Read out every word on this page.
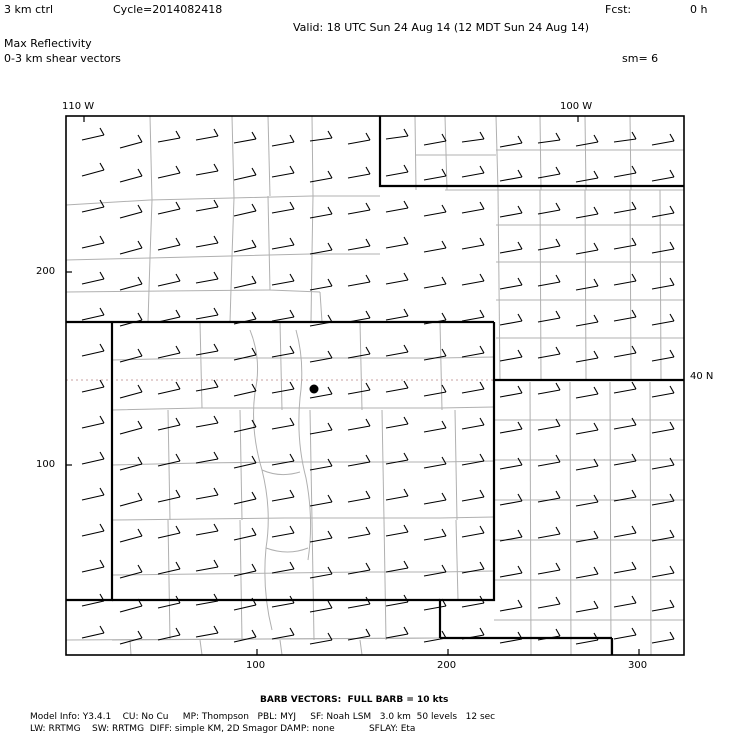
3 km ctrl	Cycle=2014082418	Fcst:	0 h
Valid: 18 UTC Sun 24 Aug 14 (12 MDT Sun 24 Aug 14)
Max Reflectivity
0-3 km shear vectors	sm= 6
110 W	100 W
40 N
200
100
100	200	300
BARB VECTORS:  FULL BARB = 10 kts
Model Info: Y3.4.1    CU: No Cu     MP: Thompson   PBL: MYJ     SF: Noah LSM   3.0 km  50 levels   12 sec
LW: RRTMG    SW: RRTMG  DIFF: simple KM, 2D Smagor DAMP: none            SFLAY: Eta
